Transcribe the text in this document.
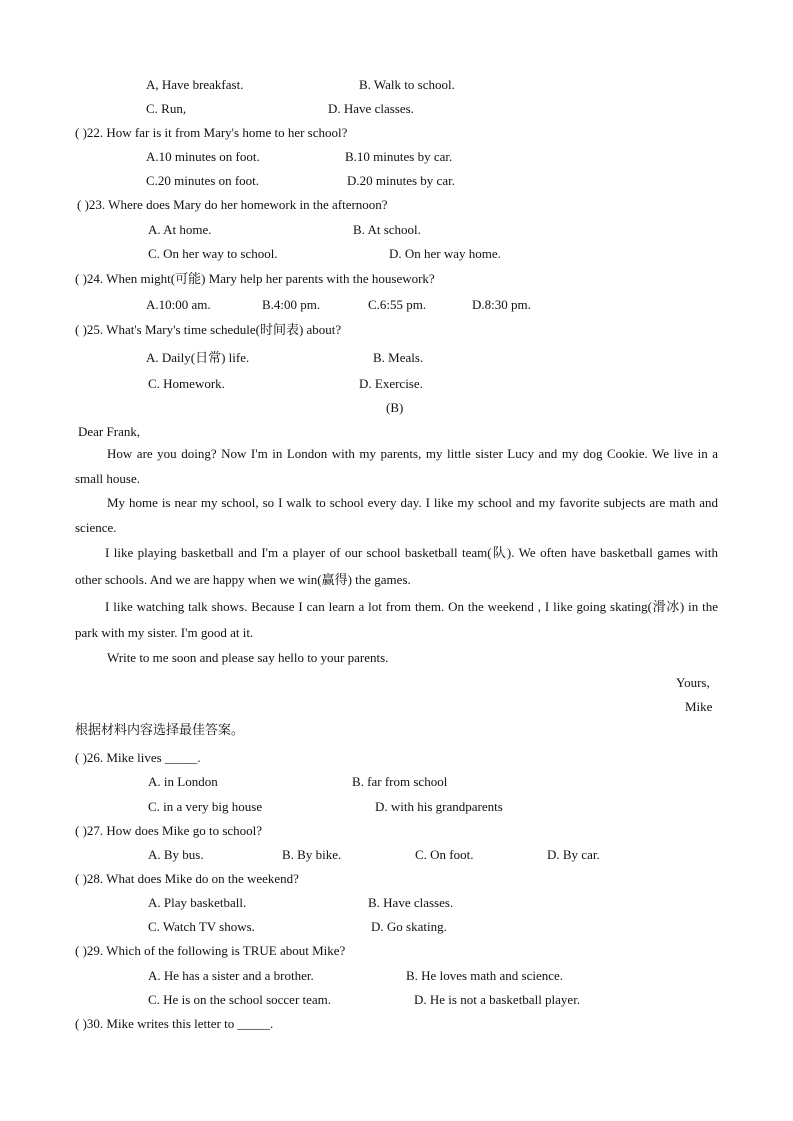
A, Have breakfast.	B. Walk to school.
C. Run,	D. Have classes.
( )22. How far is it from Mary's home to her school?
A.10 minutes on foot.	B.10 minutes by car.
C.20 minutes on foot.	D.20 minutes by car.
( )23. Where does Mary do her homework in the afternoon?
A. At home.	B. At school.
C. On her way to school.	D. On her way home.
( )24. When might(可能) Mary help her parents with the housework?
A.10:00 am.	B.4:00 pm.	C.6:55 pm.	D.8:30 pm.
( )25. What's Mary's time schedule(时间表) about?
A. Daily(日常) life.	B. Meals.
C. Homework.	D. Exercise.
(B)
Dear Frank,
How are you doing? Now I'm in London with my parents, my little sister Lucy and my dog Cookie. We live in a small house.
My home is near my school, so I walk to school every day. I like my school and my favorite subjects are math and science.
I like playing basketball and I'm a player of our school basketball team(队). We often have basketball games with other schools. And we are happy when we win(赢得) the games.
I like watching talk shows. Because I can learn a lot from them. On the weekend , I like going skating(滑冰) in the park with my sister. I'm good at it.
Write to me soon and please say hello to your parents.
Yours,
Mike
根据材料内容选择最佳答案。
( )26. Mike lives _____.
A. in London	B. far from school
C. in a very big house	D. with his grandparents
( )27. How does Mike go to school?
A. By bus.	B. By bike.	C. On foot.	D. By car.
( )28. What does Mike do on the weekend?
A. Play basketball.	B. Have classes.
C. Watch TV shows.	D. Go skating.
( )29. Which of the following is TRUE about Mike?
A. He has a sister and a brother.	B. He loves math and science.
C. He is on the school soccer team.	D. He is not a basketball player.
( )30. Mike writes this letter to _____.
